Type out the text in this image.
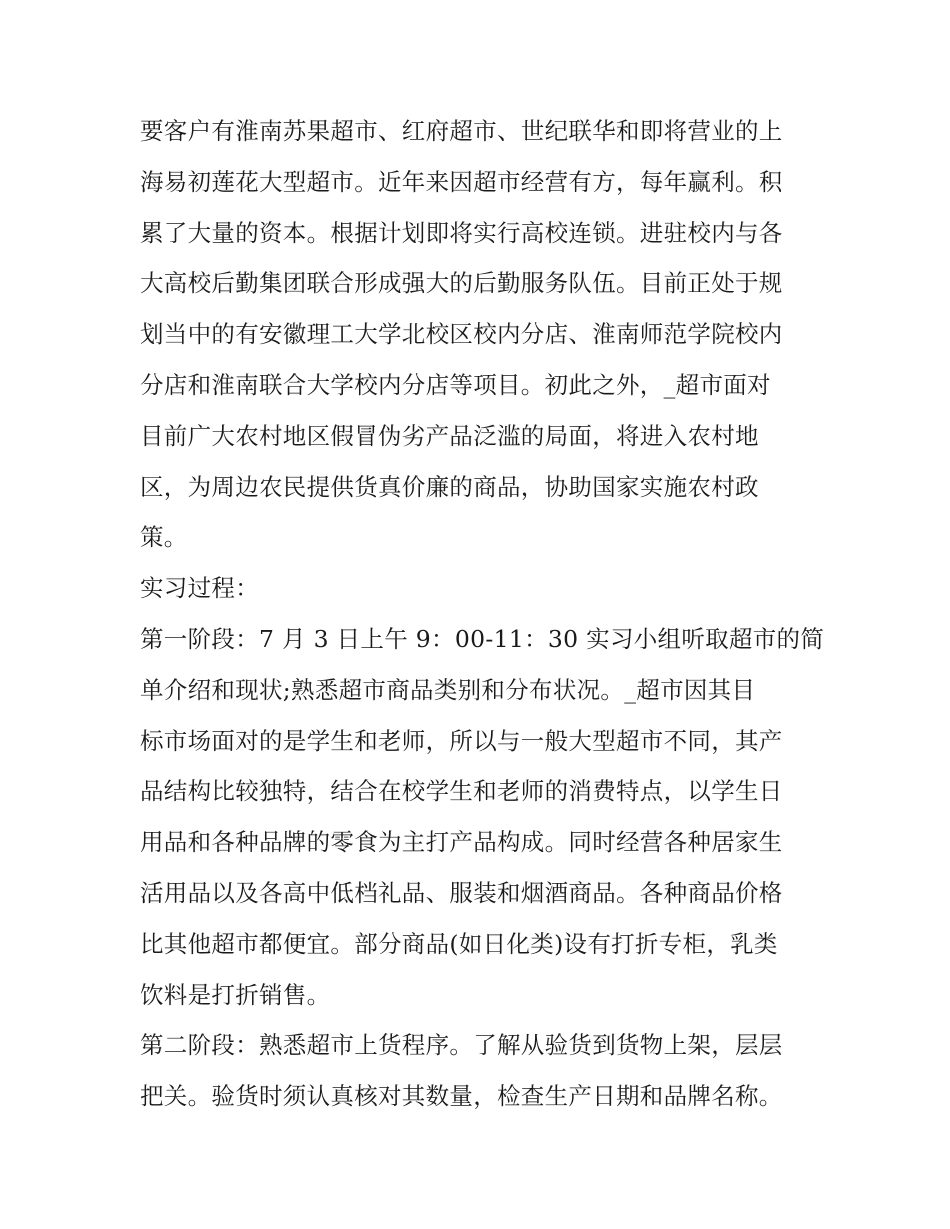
要客户有淮南苏果超市、红府超市、世纪联华和即将营业的上
海易初莲花大型超市。近年来因超市经营有方，每年赢利。积
累了大量的资本。根据计划即将实行高校连锁。进驻校内与各
大高校后勤集团联合形成强大的后勤服务队伍。目前正处于规
划当中的有安徽理工大学北校区校内分店、淮南师范学院校内
分店和淮南联合大学校内分店等项目。初此之外，_超市面对
目前广大农村地区假冒伪劣产品泛滥的局面，将进入农村地
区，为周边农民提供货真价廉的商品，协助国家实施农村政
策。
实习过程：
第一阶段：7 月 3 日上午 9：00-11：30 实习小组听取超市的简
单介绍和现状;熟悉超市商品类别和分布状况。_超市因其目
标市场面对的是学生和老师，所以与一般大型超市不同，其产
品结构比较独特，结合在校学生和老师的消费特点，以学生日
用品和各种品牌的零食为主打产品构成。同时经营各种居家生
活用品以及各高中低档礼品、服装和烟酒商品。各种商品价格
比其他超市都便宜。部分商品(如日化类)设有打折专柜，乳类
饮料是打折销售。
第二阶段：熟悉超市上货程序。了解从验货到货物上架，层层
把关。验货时须认真核对其数量，检查生产日期和品牌名称。
